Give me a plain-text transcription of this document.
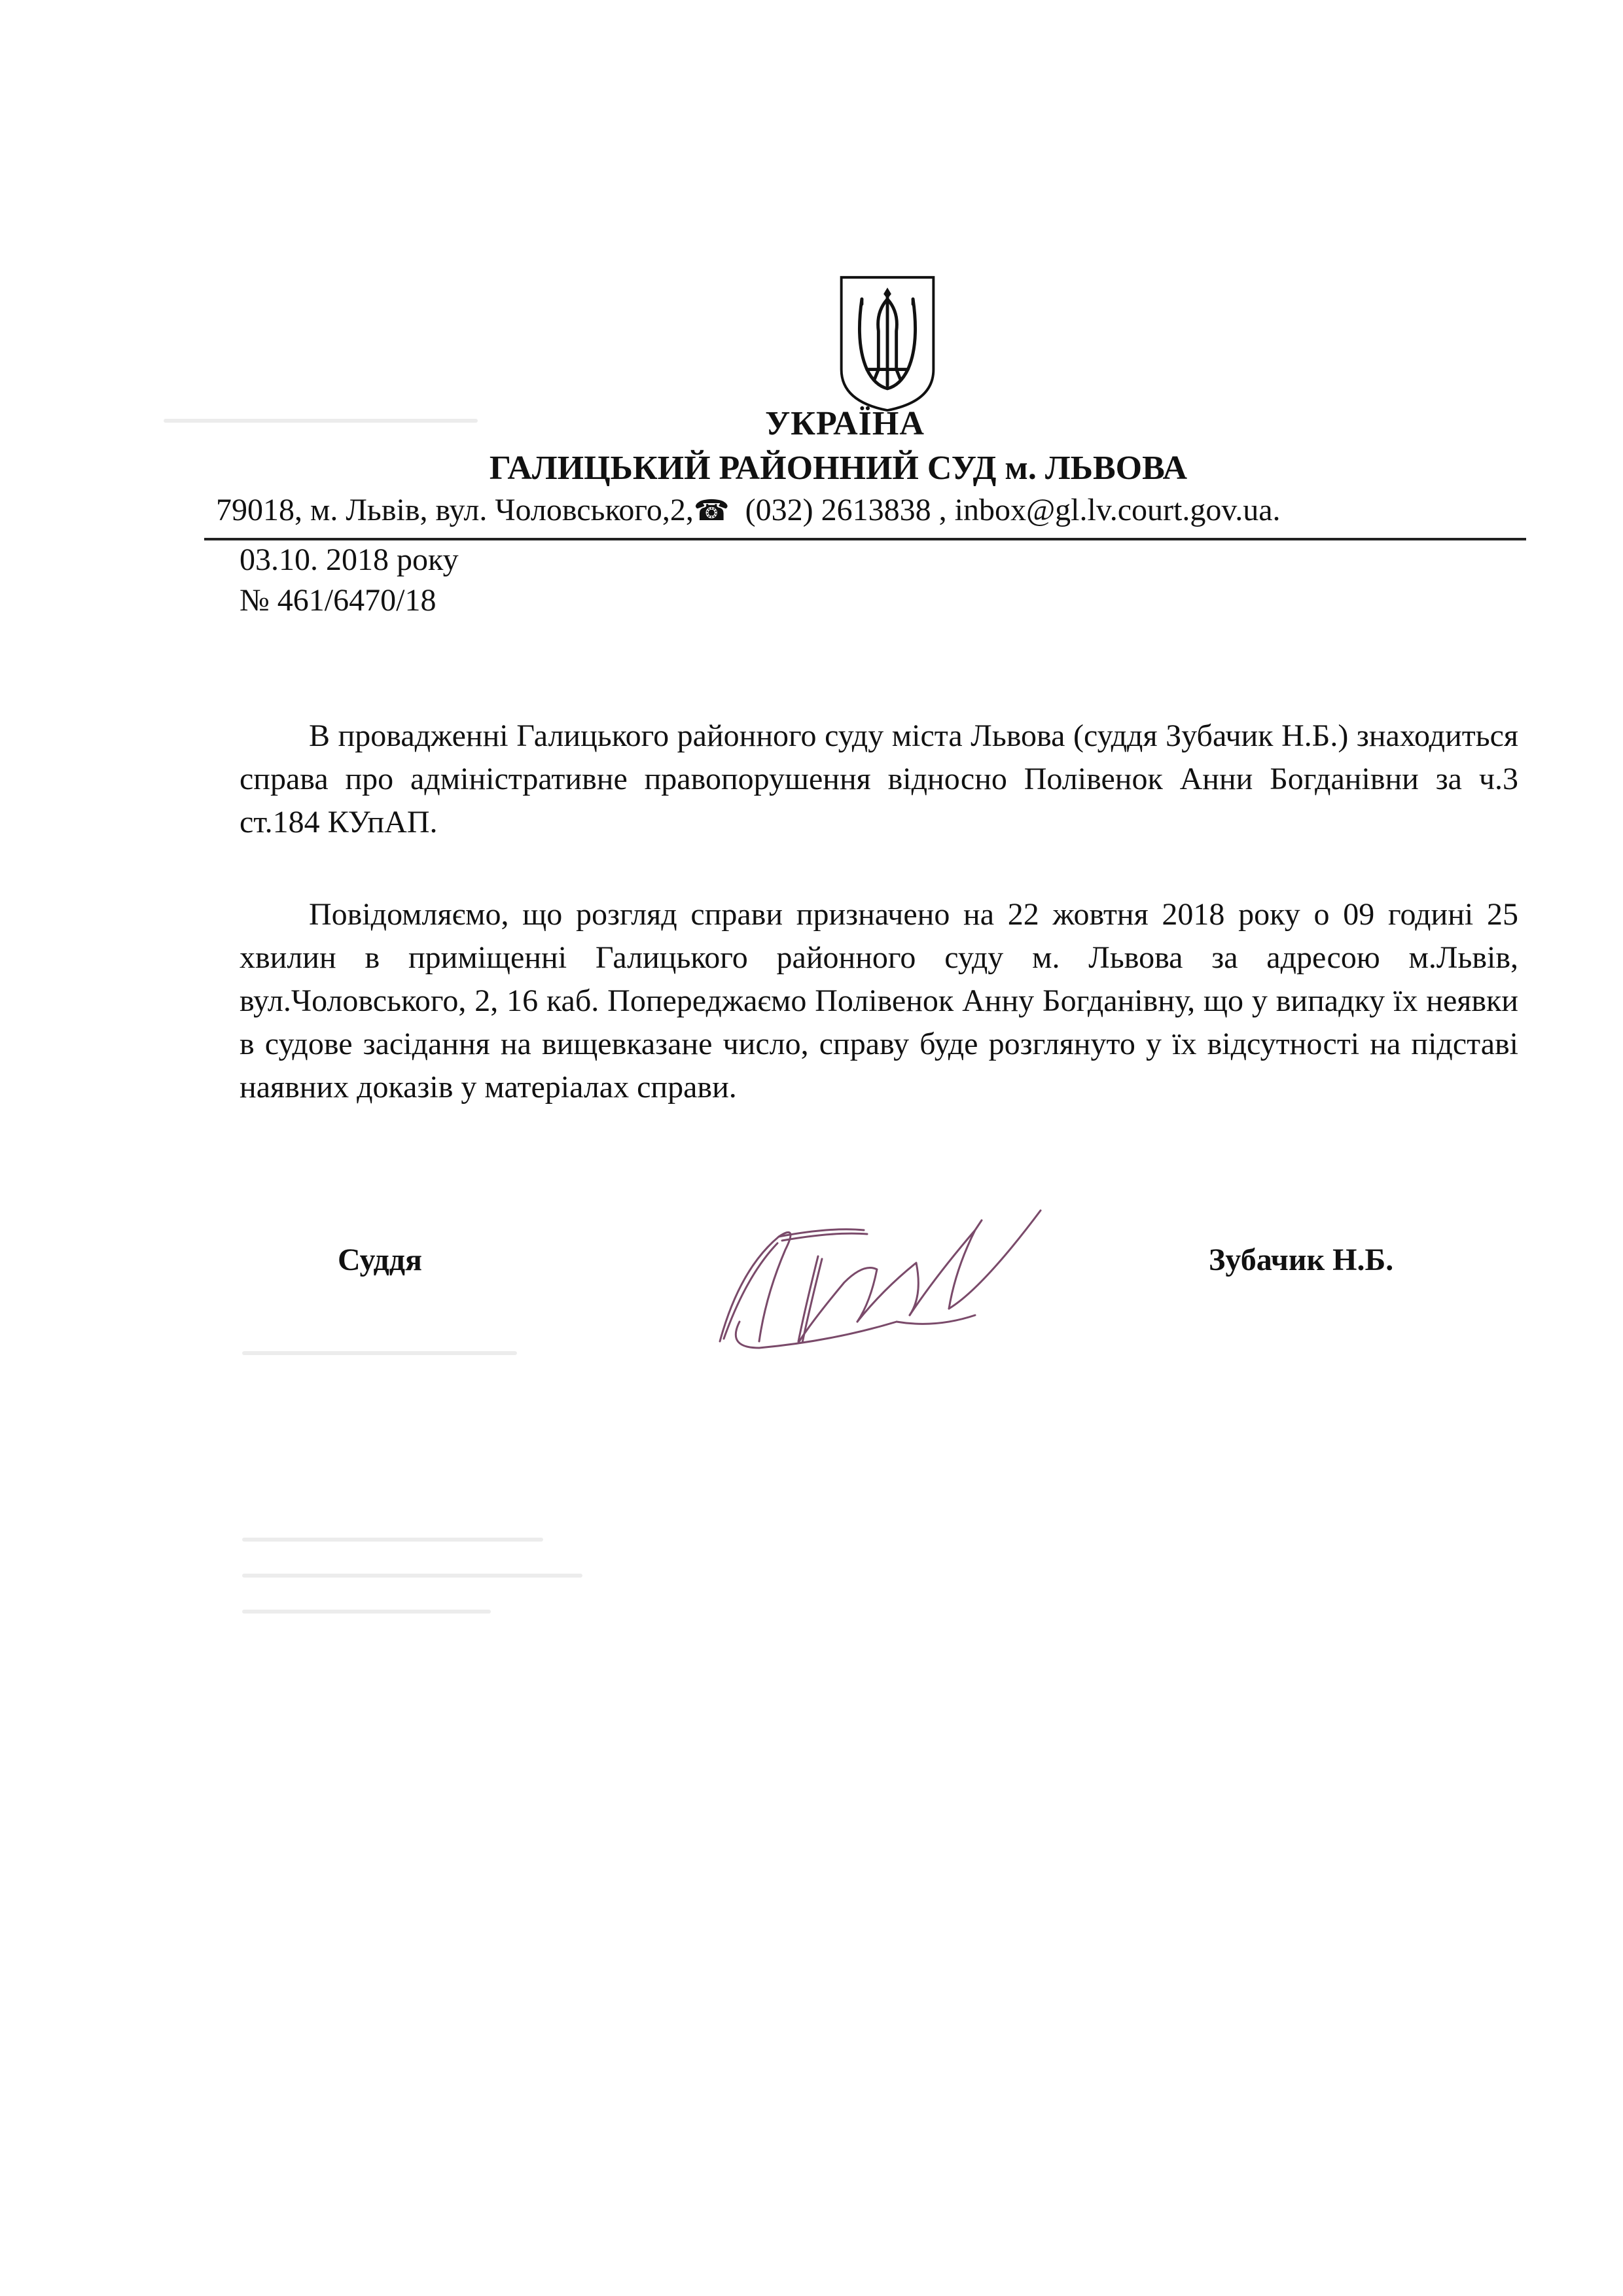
УКРАЇНА
ГАЛИЦЬКИЙ РАЙОННИЙ СУД м. ЛЬВОВА
79018, м. Львів, вул. Чоловського,2,☎ (032) 2613838 , inbox@gl.lv.court.gov.ua.
03.10. 2018 року
№ 461/6470/18
В провадженні Галицького районного суду міста Львова (суддя Зубачик Н.Б.) знаходиться справа про адміністративне правопорушення відносно Полівенок Анни Богданівни за ч.3 ст.184 КУпАП.
Повідомляємо, що розгляд справи призначено на 22 жовтня 2018 року о 09 годині 25 хвилин в приміщенні Галицького районного суду м. Львова за адресою м.Львів, вул.Чоловського, 2, 16 каб. Попереджаємо Полівенок Анну Богданівну, що у випадку їх неявки в судове засідання на вищевказане число, справу буде розглянуто у їх відсутності на підставі наявних доказів у матеріалах справи.
Суддя	Зубачик Н.Б.
